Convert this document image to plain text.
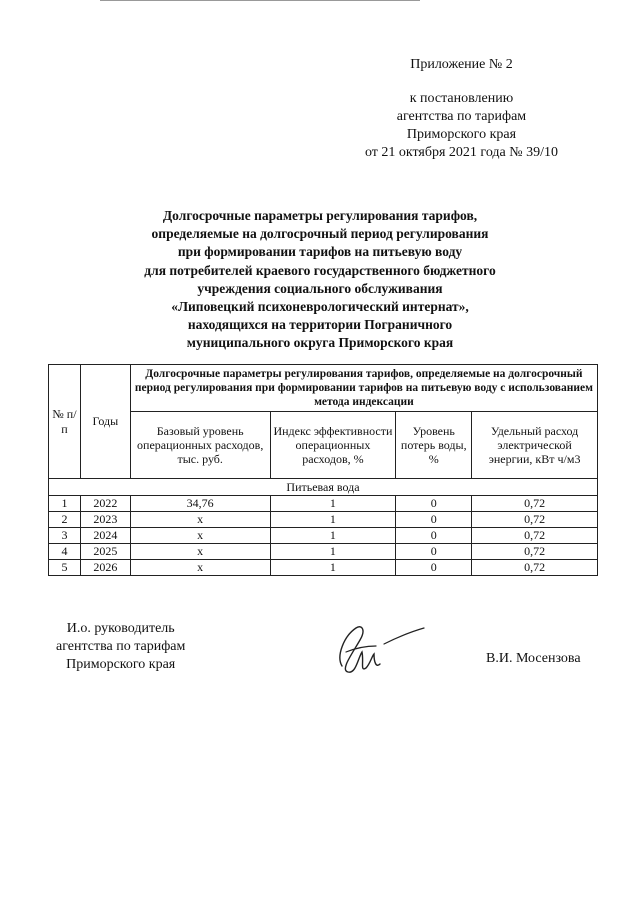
Приложение № 2
к постановлению
агентства по тарифам
Приморского края
от 21 октября 2021 года № 39/10
Долгосрочные параметры регулирования тарифов,
определяемые на долгосрочный период регулирования
при формировании тарифов на питьевую воду
для потребителей краевого государственного бюджетного
учреждения социального обслуживания
«Липовецкий психоневрологический интернат»,
находящихся на территории Пограничного
муниципального округа Приморского края
№ п/п	Годы	Долгосрочные параметры регулирования тарифов, определяемые на долгосрочный период регулирования при формировании тарифов на питьевую воду с использованием метода индексации			
		Базовый уровень операционных расходов, тыс. руб.	Индекс эффективности операционных расходов, %	Уровень потерь воды, %	Удельный расход электрической энергии, кВт ч/м3
Питьевая вода					
1	2022	34,76	1	0	0,72
2	2023	х	1	0	0,72
3	2024	х	1	0	0,72
4	2025	х	1	0	0,72
5	2026	х	1	0	0,72
И.о. руководитель
агентства по тарифам
Приморского края	В.И. Мосензова
